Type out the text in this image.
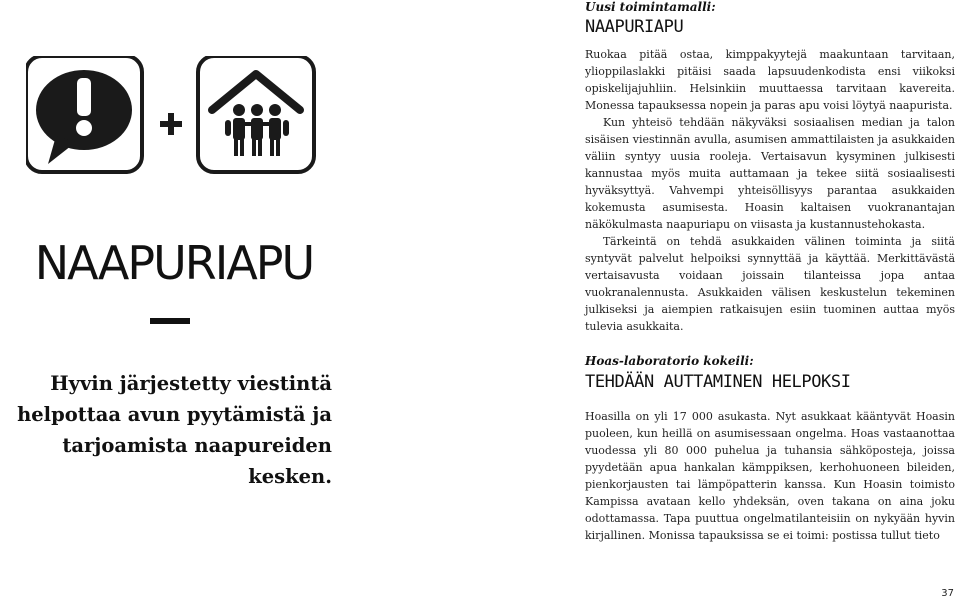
NAAPURIAPU

Hyvin järjestetty viestintä helpottaa avun pyytämistä ja tarjoamista naapureiden kesken.

Uusi toimintamalli:

NAAPURIAPU

Ruokaa pitää ostaa, kimppakyytejä maakuntaan tarvitaan, ylioppilaslakki pitäisi saada lapsuudenkodista ensi viikoksi opiskelijajuhliin. Helsinkiin muuttaessa tarvitaan kavereita. Monessa tapauksessa nopein ja paras apu voisi löytyä naapurista.

Kun yhteisö tehdään näkyväksi sosiaalisen median ja talon sisäisen viestinnän avulla, asumisen ammattilaisten ja asukkaiden väliin syntyy uusia rooleja. Vertaisavun kysyminen julkisesti kannustaa myös muita auttamaan ja tekee siitä sosiaalisesti hyväksyttyä. Vahvempi yhteisöllisyys parantaa asukkaiden kokemusta asumisesta. Hoasin kaltaisen vuokranantajan näkökulmasta naapuriapu on viisasta ja kustannustehokasta.

Tärkeintä on tehdä asukkaiden välinen toiminta ja siitä syntyvät palvelut helpoiksi synnyttää ja käyttää. Merkittävästä vertaisavusta voidaan joissain tilanteissa jopa antaa vuokranalennusta. Asukkaiden välisen keskustelun tekeminen julkiseksi ja aiempien ratkaisujen esiin tuominen auttaa myös tulevia asukkaita.

Hoas-laboratorio kokeili:

TEHDÄÄN AUTTAMINEN HELPOKSI

Hoasilla on yli 17 000 asukasta. Nyt asukkaat kääntyvät Hoasin puoleen, kun heillä on asumisessaan ongelma. Hoas vastaanottaa vuodessa yli 80 000 puhelua ja tuhansia sähköposteja, joissa pyydetään apua hankalan kämppiksen, kerhohuoneen bileiden, pienkorjausten tai lämpöpatterin kanssa. Kun Hoasin toimisto Kampissa avataan kello yhdeksän, oven takana on aina joku odottamassa. Tapa puuttua ongelmatilanteisiin on nykyään hyvin kirjallinen. Monissa tapauksissa se ei toimi: postissa tullut tieto

37
